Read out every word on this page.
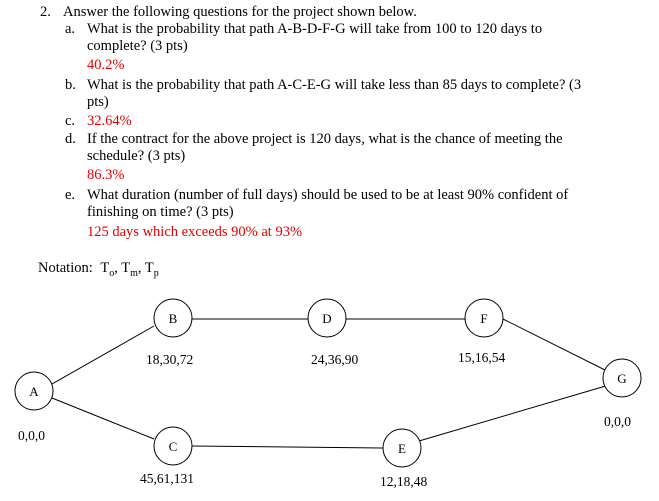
2. Answer the following questions for the project shown below.
a. What is the probability that path A-B-D-F-G will take from 100 to 120 days to
complete? (3 pts)
40.2%
b. What is the probability that path A-C-E-G will take less than 85 days to complete? (3
pts)
c. 32.64%
d. If the contract for the above project is 120 days, what is the chance of meeting the
schedule? (3 pts)
86.3%
e. What duration (number of full days) should be used to be at least 90% confident of
finishing on time? (3 pts)
125 days which exceeds 90% at 93%
Notation: $T_o$, $T_m$, $T_p$
A
B
C
D
E
F
G
0,0,0
18,30,72
45,61,131
24,36,90
12,18,48
15,16,54
0,0,0
